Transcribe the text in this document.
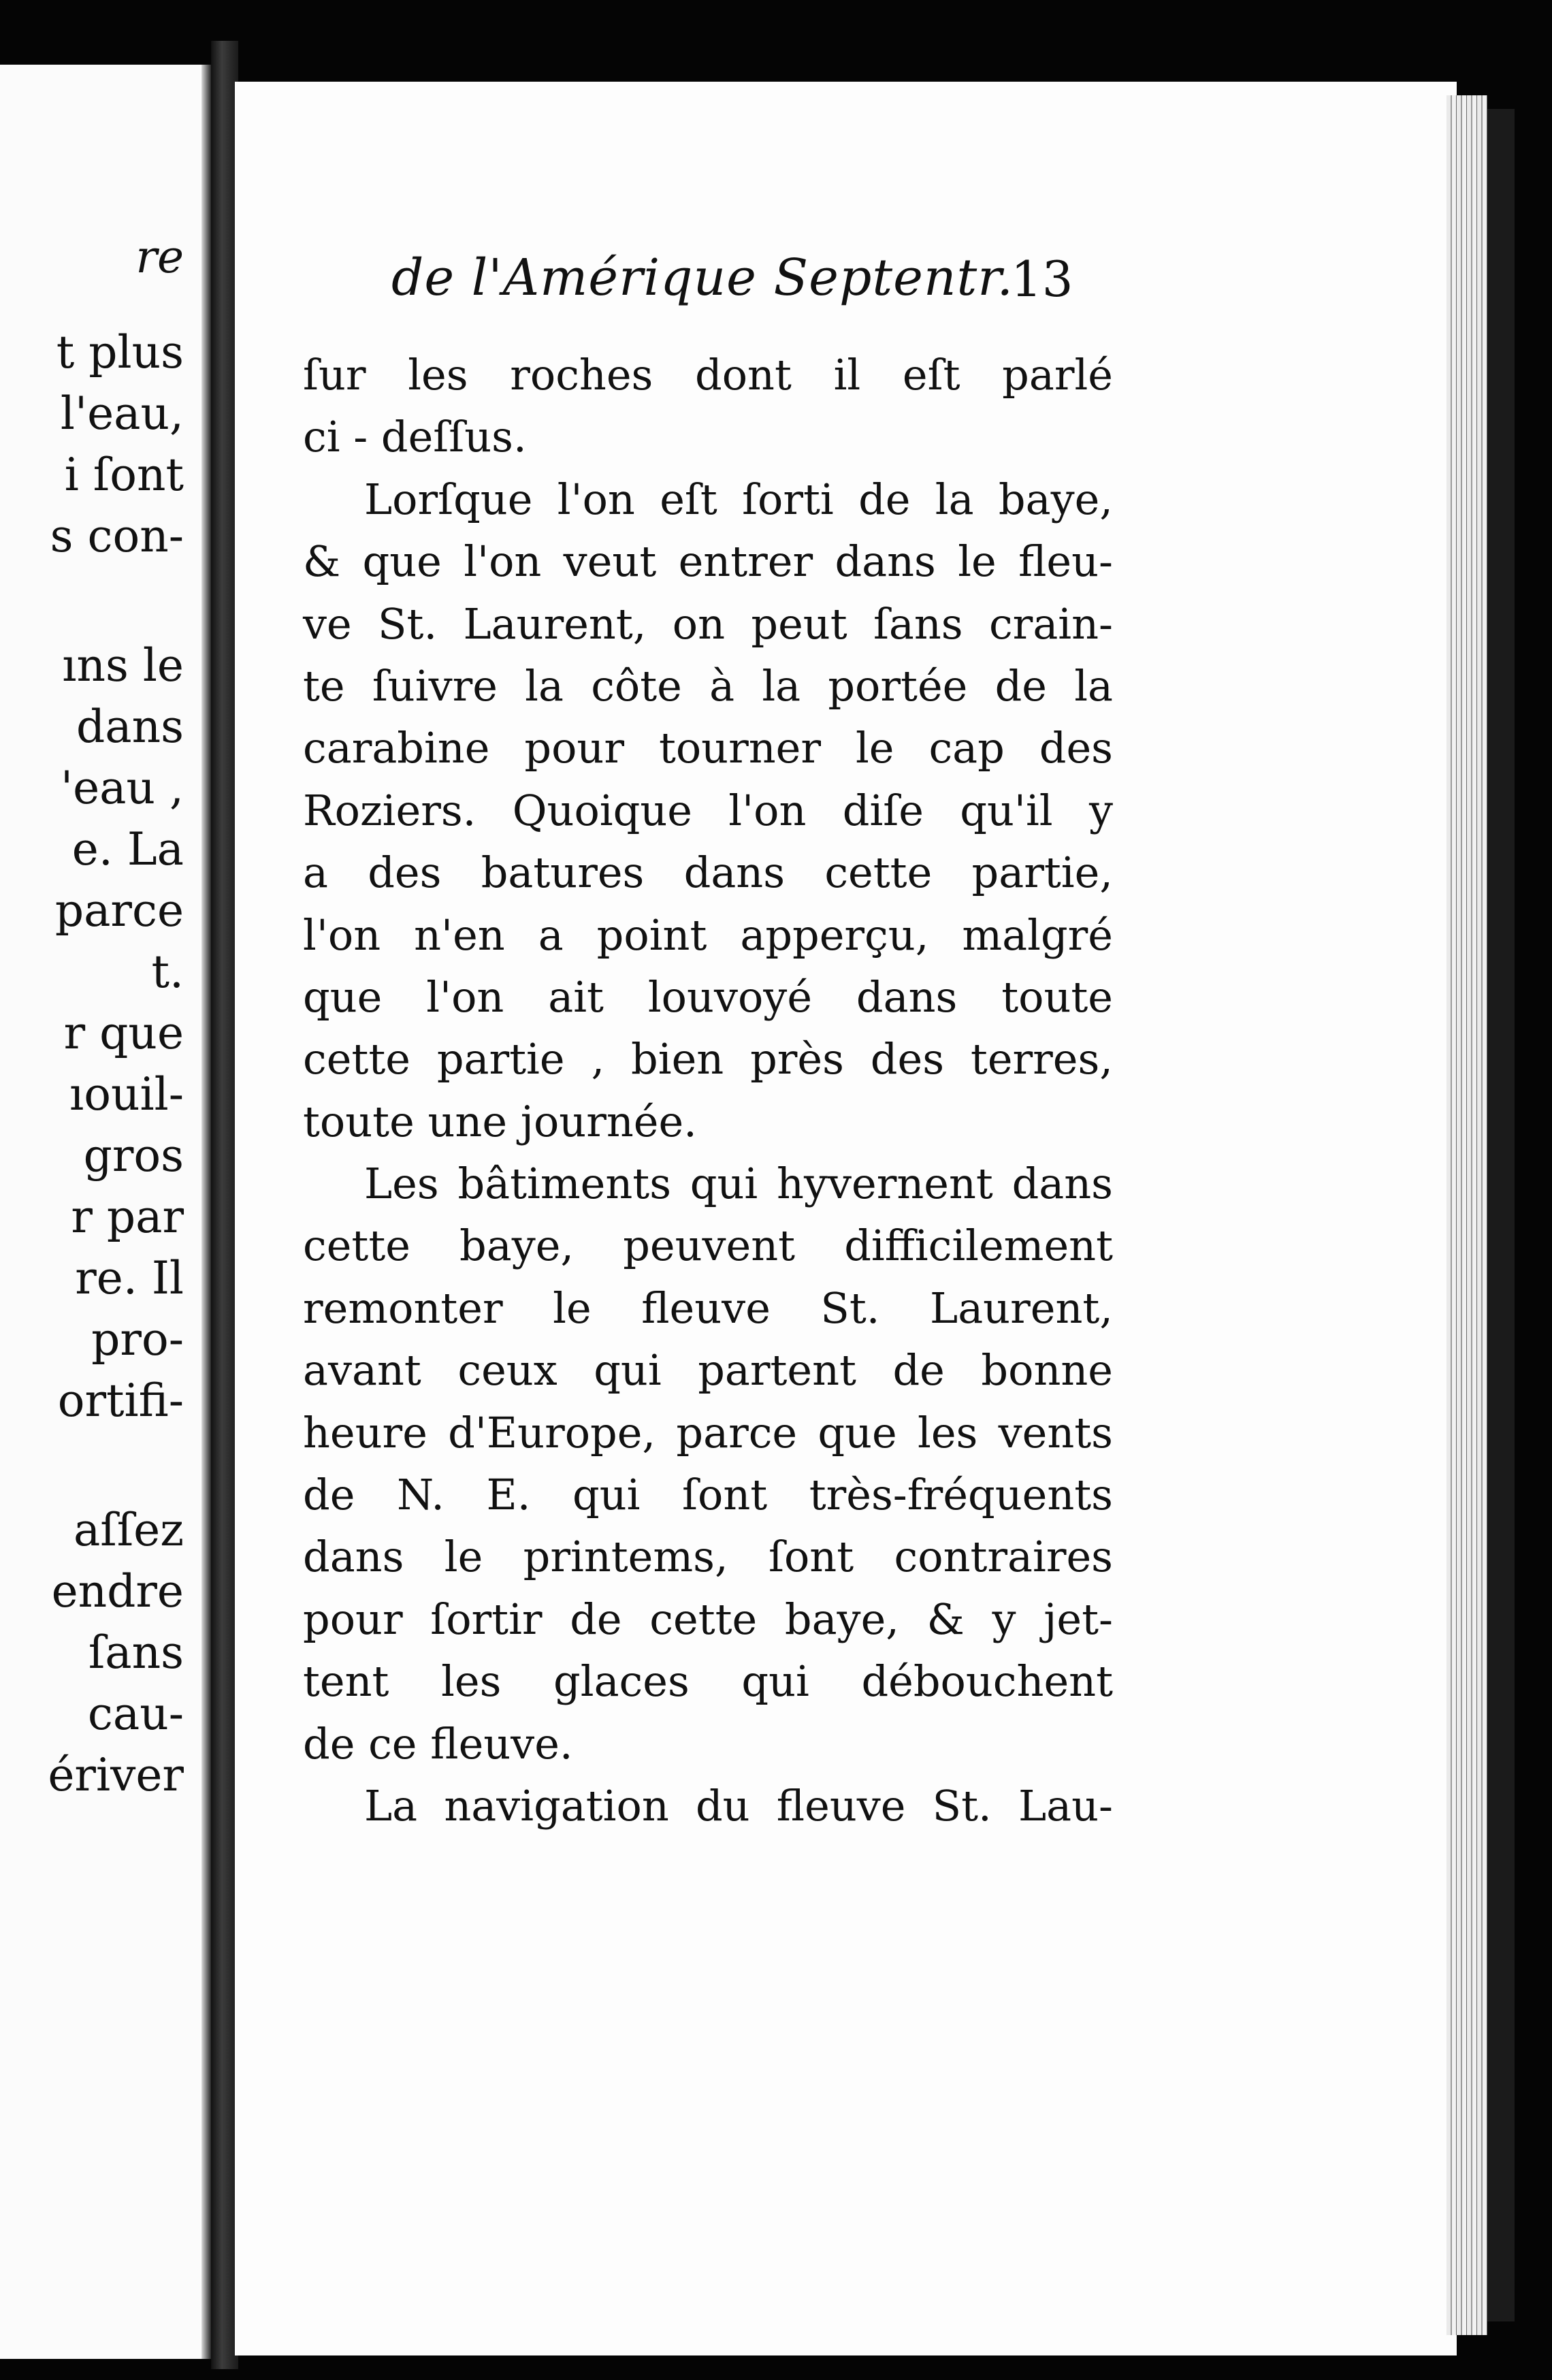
re
t plus
l'eau,
i ſont
s con-
ıns le
dans
'eau ,
e. La
parce
t.
r que
ıouil-
gros
r par
re. Il
pro-
ortifi-
aſſez
endre
ſans
cau-
ériver
de l'Amérique Septentr.
13
ſur les roches dont il eſt parlé
ci - deſſus.
Lorſque l'on eſt ſorti de la baye,
& que l'on veut entrer dans le fleu-
ve St. Laurent, on peut ſans crain-
te ſuivre la côte à la portée de la
carabine pour tourner le cap des
Roziers. Quoique l'on diſe qu'il y
a des batures dans cette partie,
l'on n'en a point apperçu, malgré
que l'on ait louvoyé dans toute
cette partie , bien près des terres,
toute une journée.
Les bâtiments qui hyvernent dans
cette baye, peuvent difficilement
remonter le fleuve St. Laurent,
avant ceux qui partent de bonne
heure d'Europe, parce que les vents
de N. E. qui ſont très-fréquents
dans le printems, ſont contraires
pour ſortir de cette baye, & y jet-
tent les glaces qui débouchent
de ce fleuve.
La navigation du fleuve St. Lau-
